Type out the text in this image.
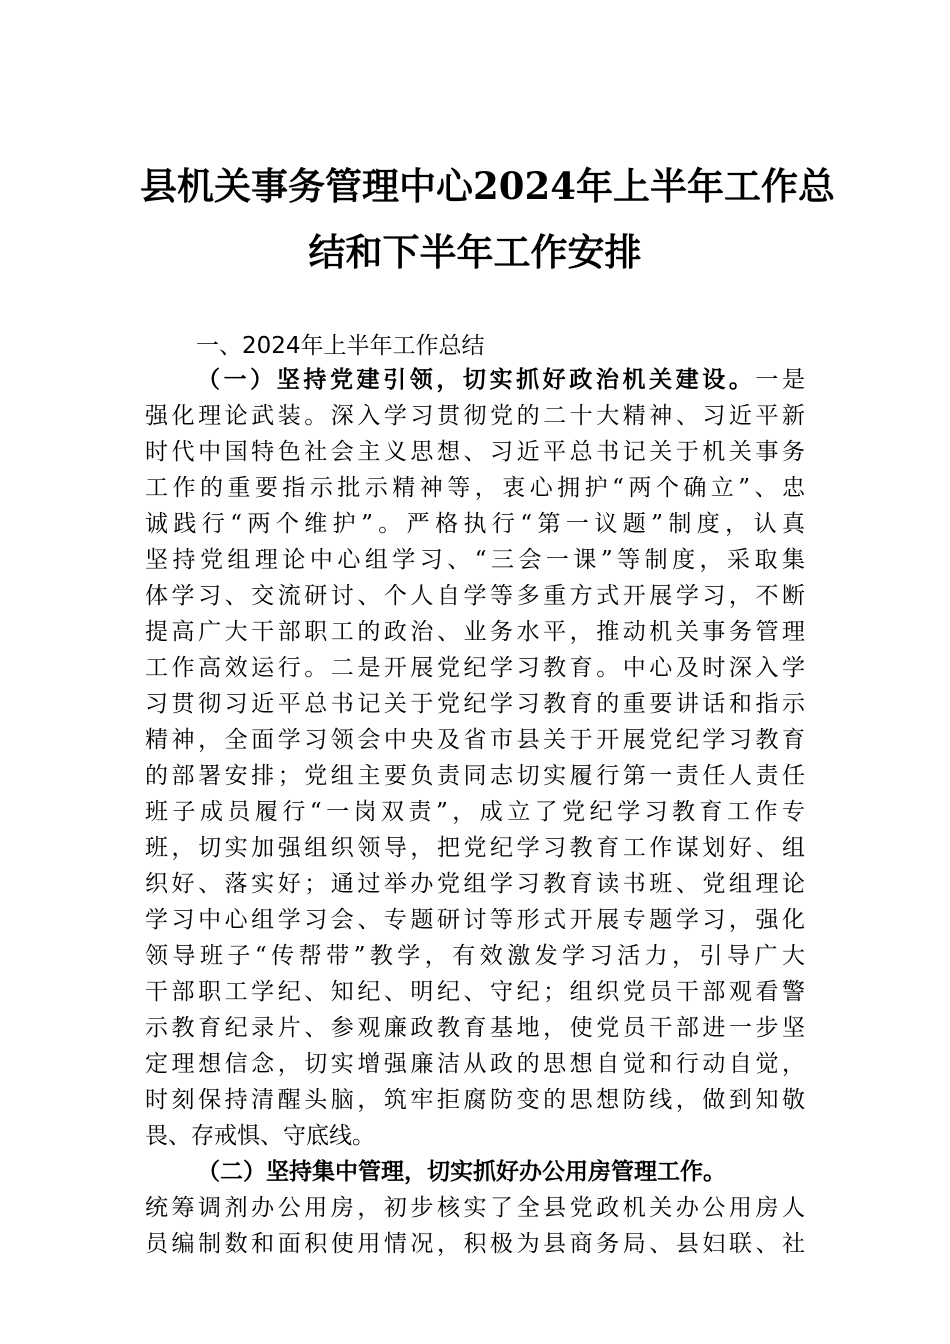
县机关事务管理中心2024年上半年工作总
结和下半年工作安排
一、2024年上半年工作总结
（一）坚持党建引领，切实抓好政治机关建设。一是
强化理论武装。深入学习贯彻党的二十大精神、习近平新
时代中国特色社会主义思想、习近平总书记关于机关事务
工作的重要指示批示精神等，衷心拥护“两个确立”、忠
诚践行“两个维护”。严格执行“第一议题”制度，认真
坚持党组理论中心组学习、“三会一课”等制度，采取集
体学习、交流研讨、个人自学等多重方式开展学习，不断
提高广大干部职工的政治、业务水平，推动机关事务管理
工作高效运行。二是开展党纪学习教育。中心及时深入学
习贯彻习近平总书记关于党纪学习教育的重要讲话和指示
精神，全面学习领会中央及省市县关于开展党纪学习教育
的部署安排；党组主要负责同志切实履行第一责任人责任
班子成员履行“一岗双责”，成立了党纪学习教育工作专
班，切实加强组织领导，把党纪学习教育工作谋划好、组
织好、落实好；通过举办党组学习教育读书班、党组理论
学习中心组学习会、专题研讨等形式开展专题学习，强化
领导班子“传帮带”教学，有效激发学习活力，引导广大
干部职工学纪、知纪、明纪、守纪；组织党员干部观看警
示教育纪录片、参观廉政教育基地，使党员干部进一步坚
定理想信念，切实增强廉洁从政的思想自觉和行动自觉，
时刻保持清醒头脑，筑牢拒腐防变的思想防线，做到知敬
畏、存戒惧、守底线。
（二）坚持集中管理，切实抓好办公用房管理工作。
统筹调剂办公用房，初步核实了全县党政机关办公用房人
员编制数和面积使用情况，积极为县商务局、县妇联、社
